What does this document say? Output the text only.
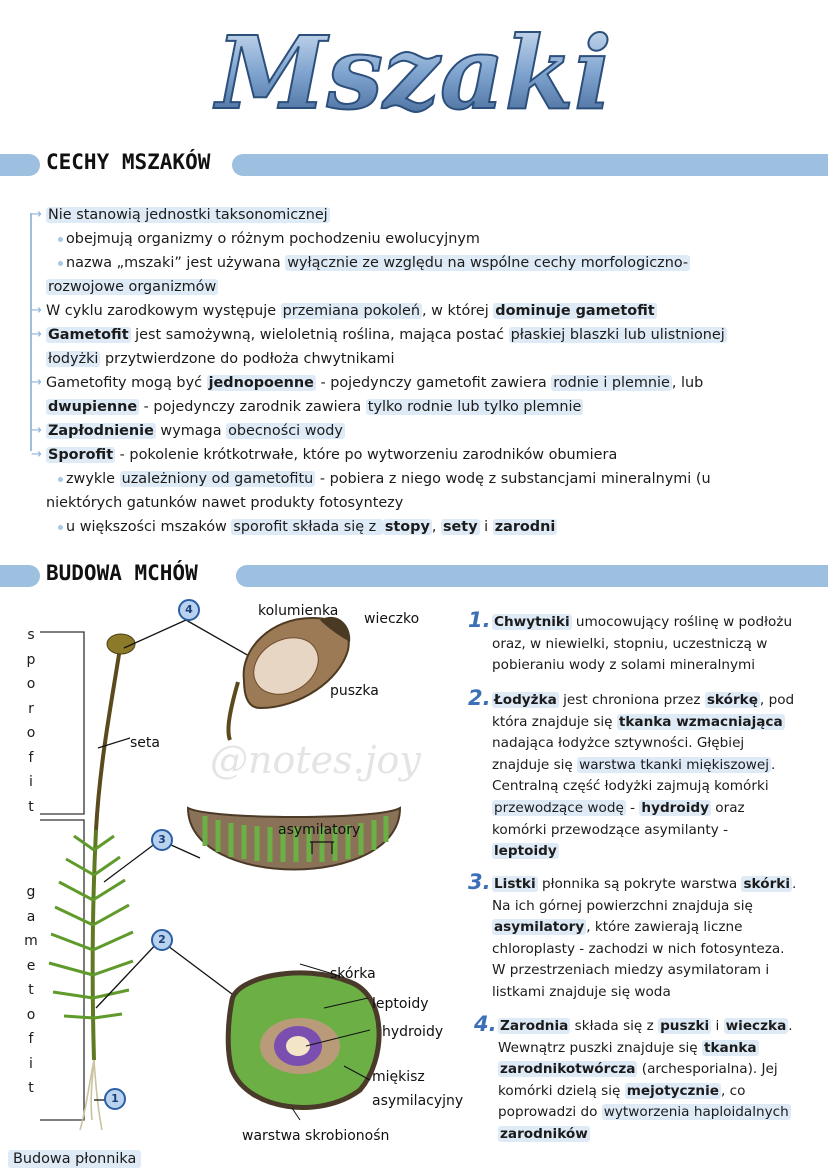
Mszaki
CECHY MSZAKÓW
Nie stanowią jednostki taksonomicznej
obejmują organizmy o różnym pochodzeniu ewolucyjnym
nazwa „mszaki” jest używana wyłącznie ze względu na wspólne cechy morfologiczno-
rozwojowe organizmów
W cyklu zarodkowym występuje przemiana pokoleń , w której dominuje gametofit
Gametofit jest samożywną, wieloletnią roślina, mająca postać płaskiej blaszki lub ulistnionej
łodyżki przytwierdzone do podłoża chwytnikami
Gametofity mogą być jednopoenne - pojedynczy gametofit zawiera rodnie i plemnie , lub
dwupienne - pojedynczy zarodnik zawiera tylko rodnie lub tylko plemnie
Zapłodnienie wymaga obecności wody
Sporofit - pokolenie krótkotrwałe, które po wytworzeniu zarodników obumiera
zwykle uzależniony od gametofitu - pobiera z niego wodę z substancjami mineralnymi (u
niektórych gatunków nawet produkty fotosyntezy
u większości mszaków sporofit składa się z stopy , sety i zarodni
BUDOWA MCHÓW
@notes.joy
s
p
o
r
o
f
i
t
g
a
m
e
t
o
f
i
t
seta
kolumienka wieczko
puszka
asymilatory
skórka
leptoidy
hydroidy
miękisz
asymilacyjny
warstwa skrobionośn
4
3
2
1
Budowa płonnika
1. Chwytniki umocowujący roślinę w podłożu
oraz, w niewielki, stopniu, uczestniczą w
pobieraniu wody z solami mineralnymi
2. Łodyżka jest chroniona przez skórkę , pod
która znajduje się tkanka wzmacniająca
nadająca łodyżce sztywności. Głębiej
znajduje się warstwa tkanki miękiszowej .
Centralną część łodyżki zajmują komórki
przewodzące wodę - hydroidy oraz
komórki przewodzące asymilanty -
leptoidy
3. Listki płonnika są pokryte warstwa skórki .
Na ich górnej powierzchni znajduja się
asymilatory , które zawierają liczne
chloroplasty - zachodzi w nich fotosynteza.
W przestrzeniach miedzy asymilatoram i
listkami znajduje się woda
4. Zarodnia składa się z puszki i wieczka .
Wewnątrz puszki znajduje się tkanka
zarodnikotwórcza (archesporialna). Jej
komórki dzielą się mejotycznie , co
poprowadzi do wytworzenia haploidalnych
zarodników
→
→
→
→
→
→
